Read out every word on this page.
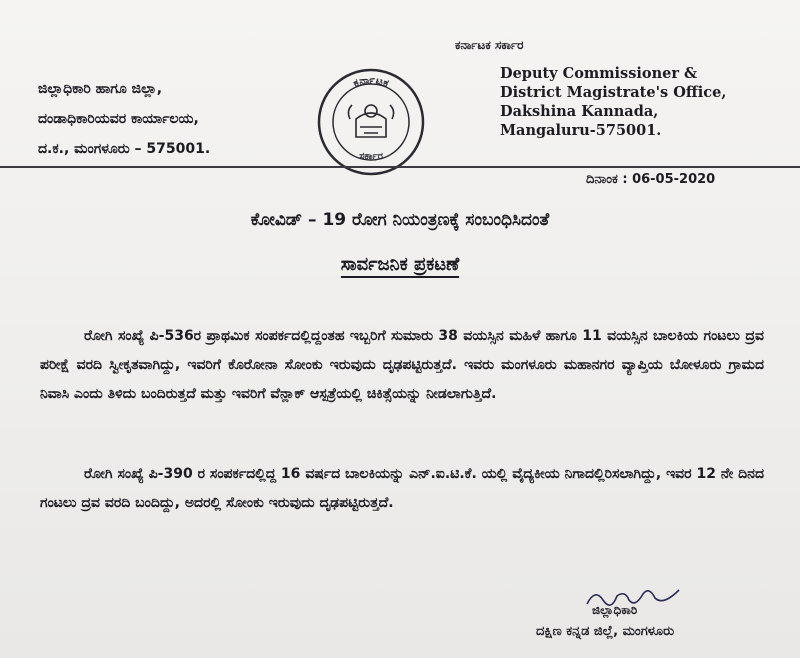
ಕರ್ನಾಟಕ ಸರ್ಕಾರ
ಜಿಲ್ಲಾಧಿಕಾರಿ ಹಾಗೂ ಜಿಲ್ಲಾ,
ದಂಡಾಧಿಕಾರಿಯವರ ಕಾರ್ಯಾಲಯ,
ದ.ಕ., ಮಂಗಳೂರು – 575001.
ಕರ್ನಾಟಕ
ಸರ್ಕಾರ
Deputy Commissioner &
District Magistrate's Office,
Dakshina Kannada,
Mangaluru-575001.
ದಿನಾಂಕ : 06-05-2020
ಕೋವಿಡ್ – 19 ರೋಗ ನಿಯಂತ್ರಣಕ್ಕೆ ಸಂಬಂಧಿಸಿದಂತೆ
ಸಾರ್ವಜನಿಕ ಪ್ರಕಟಣೆ

ರೋಗಿ ಸಂಖ್ಯೆ ಪಿ-536ರ ಪ್ರಾಥಮಿಕ ಸಂಪರ್ಕದಲ್ಲಿದ್ದಂತಹ ಇಬ್ಬರಿಗೆ ಸುಮಾರು 38 ವಯಸ್ಸಿನ ಮಹಿಳೆ ಹಾಗೂ 11 ವಯಸ್ಸಿನ ಬಾಲಕಿಯ ಗಂಟಲು ದ್ರವ ಪರೀಕ್ಷೆ ವರದಿ ಸ್ವೀಕೃತವಾಗಿದ್ದು, ಇವರಿಗೆ ಕೊರೋನಾ ಸೋಂಕು ಇರುವುದು ದೃಢಪಟ್ಟಿರುತ್ತದೆ. ಇವರು ಮಂಗಳೂರು ಮಹಾನಗರ ವ್ಯಾಪ್ತಿಯ ಬೋಳೂರು ಗ್ರಾಮದ ನಿವಾಸಿ ಎಂದು ತಿಳಿದು ಬಂದಿರುತ್ತದೆ ಮತ್ತು ಇವರಿಗೆ ವೆನ್ಲಾಕ್ ಆಸ್ಪತ್ರೆಯಲ್ಲಿ ಚಿಕಿತ್ಸೆಯನ್ನು ನೀಡಲಾಗುತ್ತಿದೆ.

ರೋಗಿ ಸಂಖ್ಯೆ ಪಿ-390 ರ ಸಂಪರ್ಕದಲ್ಲಿದ್ದ 16 ವರ್ಷದ ಬಾಲಕಿಯನ್ನು ಎನ್.ಐ.ಟಿ.ಕೆ. ಯಲ್ಲಿ ವೈದ್ಯಕೀಯ ನಿಗಾದಲ್ಲಿರಿಸಲಾಗಿದ್ದು, ಇವರ 12 ನೇ ದಿನದ ಗಂಟಲು ದ್ರವ ವರದಿ ಬಂದಿದ್ದು, ಅದರಲ್ಲಿ ಸೋಂಕು ಇರುವುದು ದೃಢಪಟ್ಟಿರುತ್ತದೆ.

ಜಿಲ್ಲಾಧಿಕಾರಿ
ದಕ್ಷಿಣ ಕನ್ನಡ ಜಿಲ್ಲೆ, ಮಂಗಳೂರು
